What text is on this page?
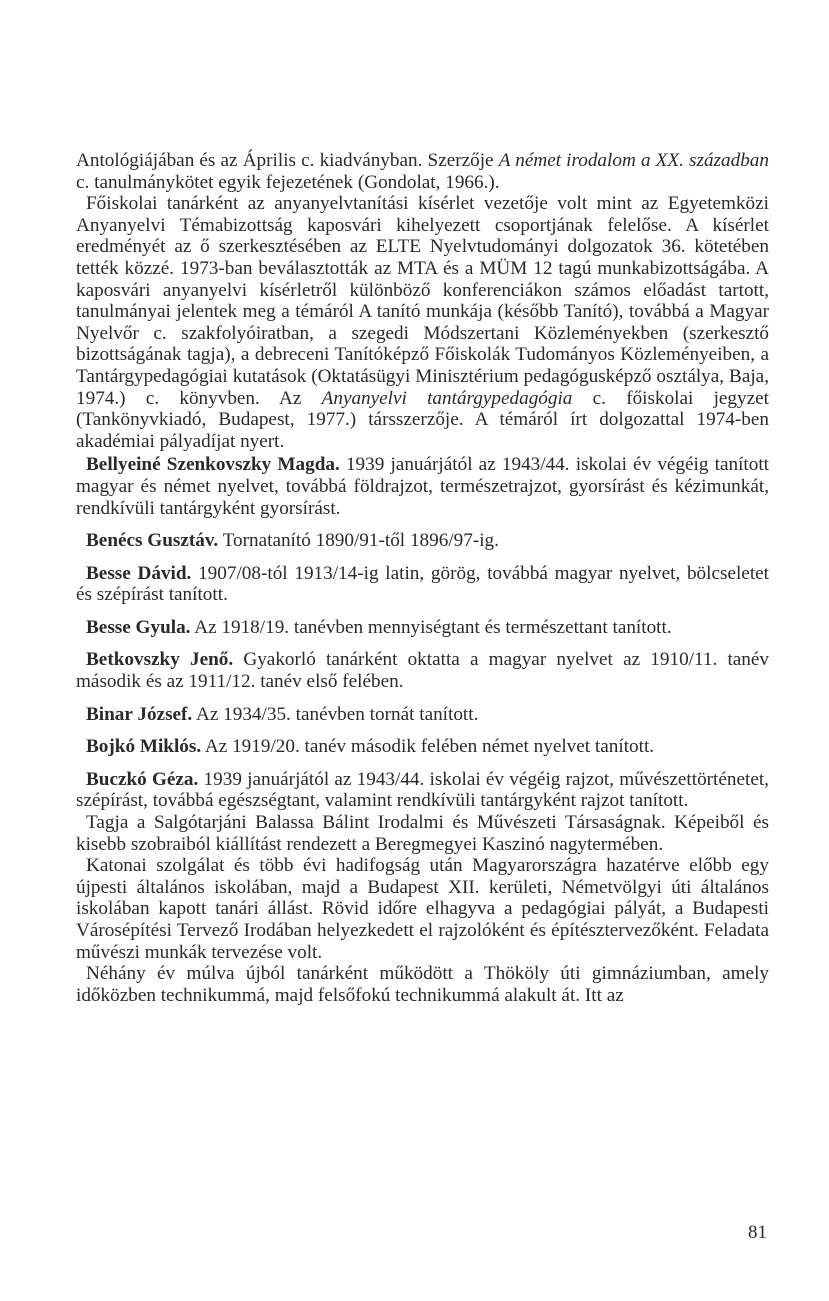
Antológiájában és az Április c. kiadványban. Szerzője A német irodalom a XX. században c. tanulmánykötet egyik fejezetének (Gondolat, 1966.).

Főiskolai tanárként az anyanyelvtanítási kísérlet vezetője volt mint az Egyetemközi Anyanyelvi Témabizottság kaposvári kihelyezett csoportjának felelőse. A kísérlet eredményét az ő szerkesztésében az ELTE Nyelvtudományi dolgozatok 36. kötetében tették közzé. 1973-ban beválasztották az MTA és a MÜM 12 tagú munkabizottságába. A kaposvári anyanyelvi kísérletről különböző konferenciákon számos előadást tartott, tanulmányai jelentek meg a témáról A tanító munkája (később Tanító), továbbá a Magyar Nyelvőr c. szakfolyóiratban, a szegedi Módszertani Közleményekben (szerkesztő bizottságának tagja), a debreceni Tanítóképző Főiskolák Tudományos Közleményeiben, a Tantárgypedagógiai kutatások (Oktatásügyi Minisztérium pedagógusképző osztálya, Baja, 1974.) c. könyvben. Az Anyanyelvi tantárgypedagógia c. főiskolai jegyzet (Tankönyvkiadó, Budapest, 1977.) társszerzője. A témáról írt dolgozattal 1974-ben akadémiai pályadíjat nyert.

Bellyeiné Szenkovszky Magda. 1939 januárjától az 1943/44. iskolai év végéig tanított magyar és német nyelvet, továbbá földrajzot, természetrajzot, gyorsírást és kézimunkát, rendkívüli tantárgyként gyorsírást.

Benécs Gusztáv. Tornatanító 1890/91-től 1896/97-ig.

Besse Dávid. 1907/08-tól 1913/14-ig latin, görög, továbbá magyar nyelvet, bölcseletet és szépírást tanított.

Besse Gyula. Az 1918/19. tanévben mennyiségtant és természettant tanított.

Betkovszky Jenő. Gyakorló tanárként oktatta a magyar nyelvet az 1910/11. tanév második és az 1911/12. tanév első felében.

Binar József. Az 1934/35. tanévben tornát tanított.

Bojkó Miklós. Az 1919/20. tanév második felében német nyelvet tanított.

Buczkó Géza. 1939 januárjától az 1943/44. iskolai év végéig rajzot, művészettörténetet, szépírást, továbbá egészségtant, valamint rendkívüli tantárgyként rajzot tanított.

Tagja a Salgótarjáni Balassa Bálint Irodalmi és Művészeti Társaságnak. Képeiből és kisebb szobraiból kiállítást rendezett a Beregmegyei Kaszinó nagytermében.

Katonai szolgálat és több évi hadifogság után Magyarországra hazatérve előbb egy újpesti általános iskolában, majd a Budapest XII. kerületi, Németvölgyi úti általános iskolában kapott tanári állást. Rövid időre elhagyva a pedagógiai pályát, a Budapesti Városépítési Tervező Irodában helyezkedett el rajzolóként és építésztervezőként. Feladata művészi munkák tervezése volt.

Néhány év múlva újból tanárként működött a Thököly úti gimnáziumban, amely időközben technikummá, majd felsőfokú technikummá alakult át. Itt az

81
